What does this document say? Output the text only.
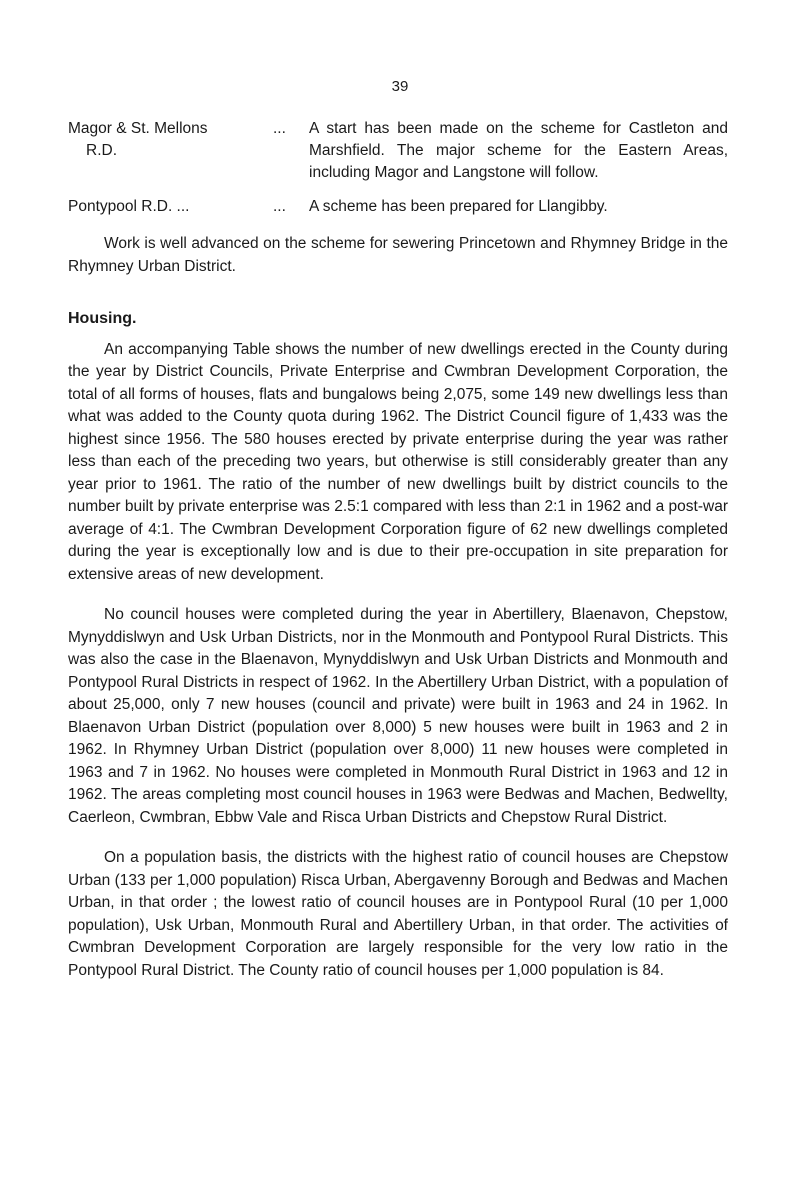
39
Magor & St. Mellons
R.D.
...	A start has been made on the scheme for Castleton and Marshfield. The major scheme for the Eastern Areas, including Magor and Langstone will follow.
Pontypool R.D. ...	...	A scheme has been prepared for Llangibby.

Work is well advanced on the scheme for sewering Princetown and Rhymney Bridge in the Rhymney Urban District.

Housing.

An accompanying Table shows the number of new dwellings erected in the County during the year by District Councils, Private Enterprise and Cwmbran Development Corporation, the total of all forms of houses, flats and bungalows being 2,075, some 149 new dwellings less than what was added to the County quota during 1962. The District Council figure of 1,433 was the highest since 1956. The 580 houses erected by private enterprise during the year was rather less than each of the preceding two years, but otherwise is still considerably greater than any year prior to 1961. The ratio of the number of new dwellings built by district councils to the number built by private enterprise was 2.5:1 compared with less than 2:1 in 1962 and a post-war average of 4:1. The Cwmbran Development Corporation figure of 62 new dwellings completed during the year is exceptionally low and is due to their pre-occupation in site preparation for extensive areas of new development.

No council houses were completed during the year in Abertillery, Blaenavon, Chepstow, Mynyddislwyn and Usk Urban Districts, nor in the Monmouth and Pontypool Rural Districts. This was also the case in the Blaenavon, Mynyddislwyn and Usk Urban Districts and Monmouth and Pontypool Rural Districts in respect of 1962. In the Abertillery Urban District, with a population of about 25,000, only 7 new houses (council and private) were built in 1963 and 24 in 1962. In Blaenavon Urban District (population over 8,000) 5 new houses were built in 1963 and 2 in 1962. In Rhymney Urban District (population over 8,000) 11 new houses were completed in 1963 and 7 in 1962. No houses were completed in Monmouth Rural District in 1963 and 12 in 1962. The areas completing most council houses in 1963 were Bedwas and Machen, Bedwellty, Caerleon, Cwmbran, Ebbw Vale and Risca Urban Districts and Chepstow Rural District.

On a population basis, the districts with the highest ratio of council houses are Chepstow Urban (133 per 1,000 population) Risca Urban, Abergavenny Borough and Bedwas and Machen Urban, in that order ; the lowest ratio of council houses are in Pontypool Rural (10 per 1,000 population), Usk Urban, Monmouth Rural and Abertillery Urban, in that order. The activities of Cwmbran Development Corporation are largely responsible for the very low ratio in the Pontypool Rural District. The County ratio of council houses per 1,000 population is 84.
